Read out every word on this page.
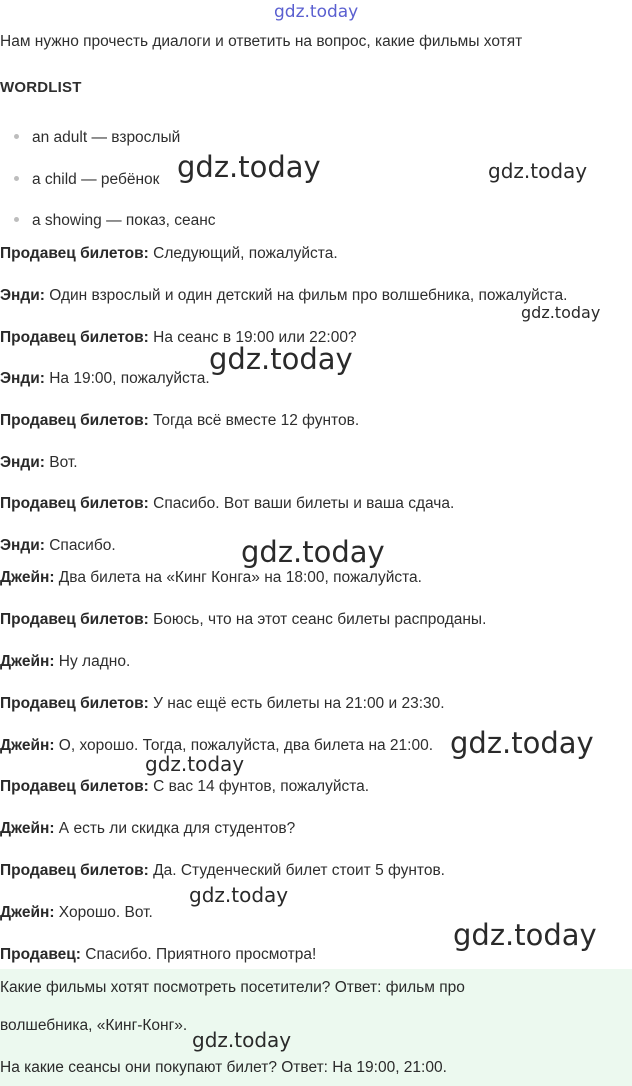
gdz.today
Нам нужно прочесть диалоги и ответить на вопрос, какие фильмы хотят
WORDLIST
an adult — взрослый
a child — ребёнок
a showing — показ, сеанс
Продавец билетов: Следующий, пожалуйста.
Энди: Один взрослый и один детский на фильм про волшебника, пожалуйста.
Продавец билетов: На сеанс в 19:00 или 22:00?
Энди: На 19:00, пожалуйста.
Продавец билетов: Тогда всё вместе 12 фунтов.
Энди: Вот.
Продавец билетов: Спасибо. Вот ваши билеты и ваша сдача.
Энди: Спасибо.
Джейн: Два билета на «Кинг Конга» на 18:00, пожалуйста.
Продавец билетов: Боюсь, что на этот сеанс билеты распроданы.
Джейн: Ну ладно.
Продавец билетов: У нас ещё есть билеты на 21:00 и 23:30.
Джейн: О, хорошо. Тогда, пожалуйста, два билета на 21:00.
Продавец билетов: С вас 14 фунтов, пожалуйста.
Джейн: А есть ли скидка для студентов?
Продавец билетов: Да. Студенческий билет стоит 5 фунтов.
Джейн: Хорошо. Вот.
Продавец: Спасибо. Приятного просмотра!
Какие фильмы хотят посмотреть посетители? Ответ: фильм про
волшебника, «Кинг-Конг».
На какие сеансы они покупают билет? Ответ: На 19:00, 21:00.
gdz.today	gdz.today
gdz.today
gdz.today
gdz.today
gdz.today
gdz.today
gdz.today
gdz.today
gdz.today
